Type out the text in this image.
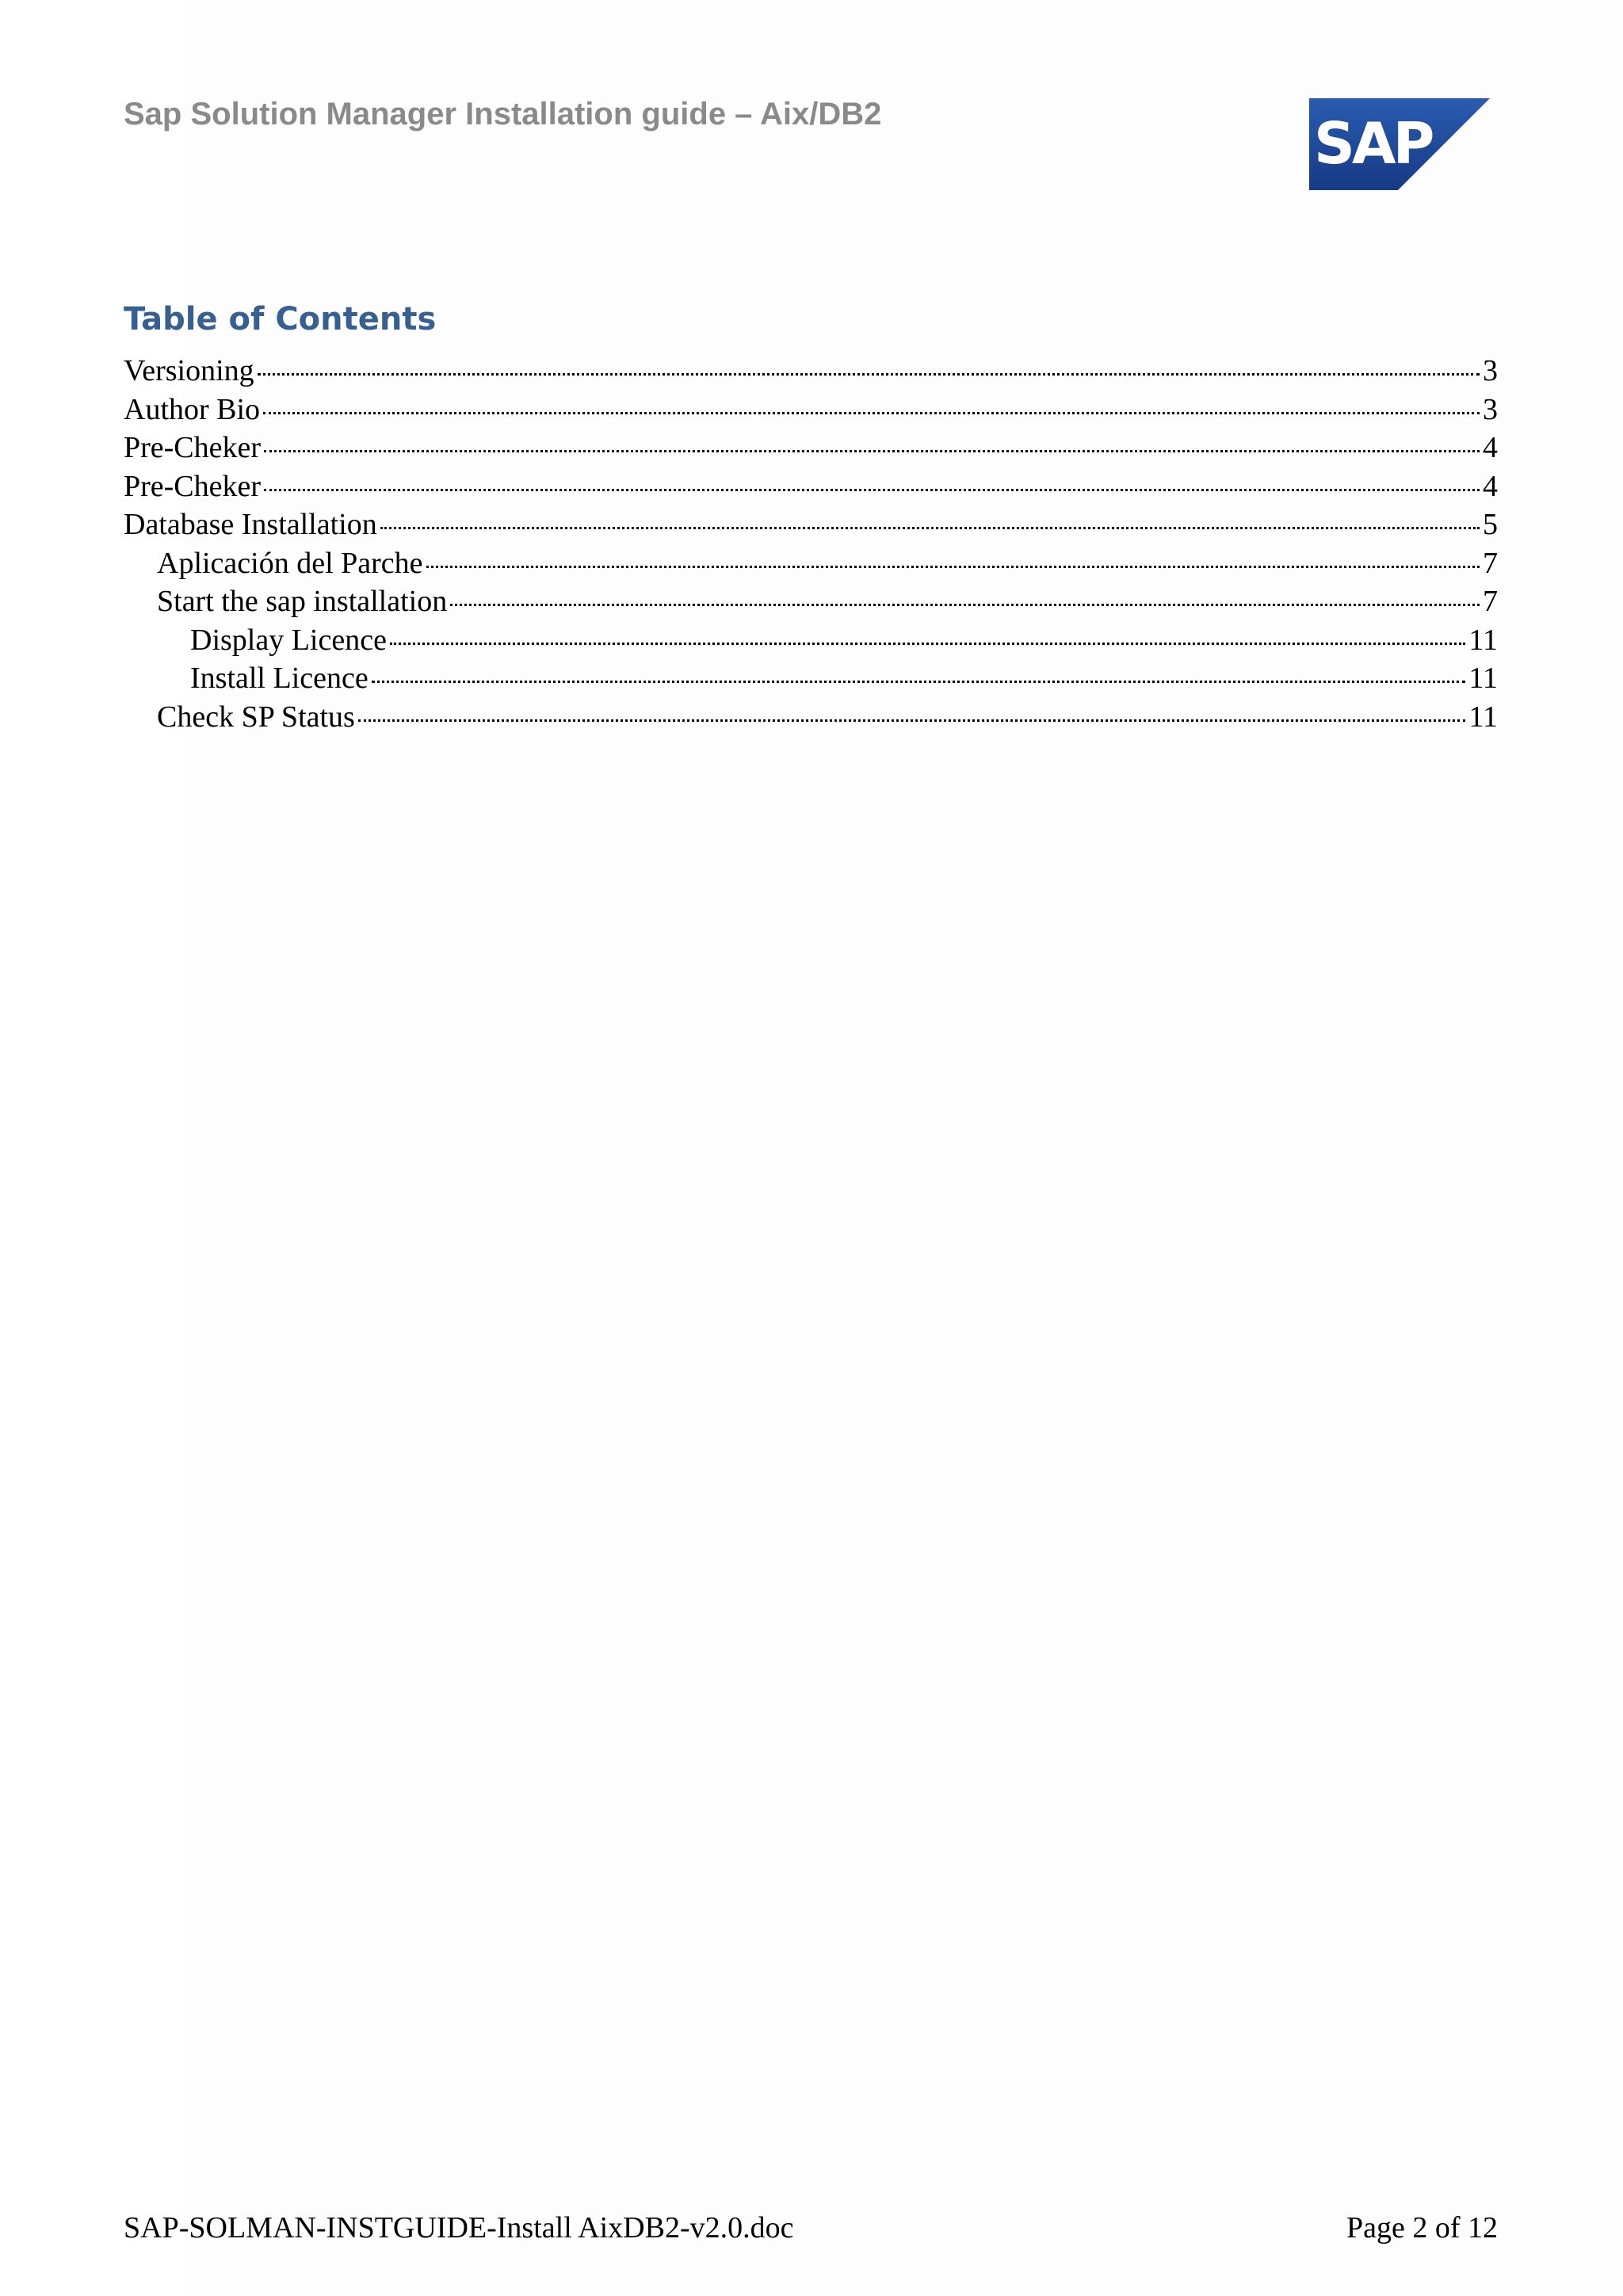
Sap Solution Manager Installation guide – Aix/DB2	SAP
Table of Contents
Versioning	3
Author Bio	3
Pre-Cheker	4
Pre-Cheker	4
Database Installation	5
Aplicación del Parche	7
Start the sap installation	7
Display Licence	11
Install Licence	11
Check SP Status	11
SAP-SOLMAN-INSTGUIDE-Install AixDB2-v2.0.doc	Page 2 of 12
